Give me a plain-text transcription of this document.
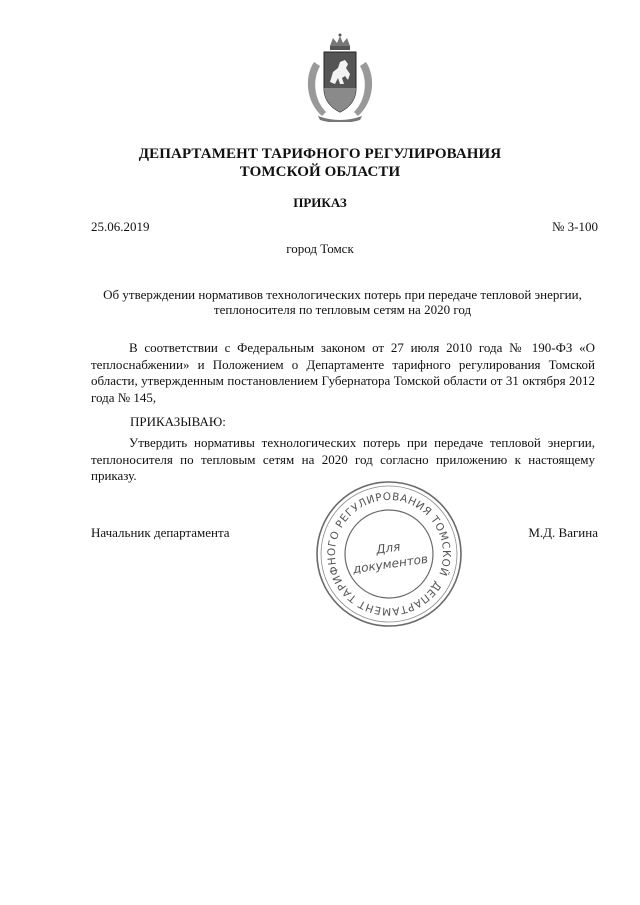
ДЕПАРТАМЕНТ ТАРИФНОГО РЕГУЛИРОВАНИЯ
ТОМСКОЙ ОБЛАСТИ
ПРИКАЗ
25.06.2019	№ 3-100
город Томск
Об утверждении нормативов технологических потерь при передаче тепловой энергии, теплоносителя по тепловым сетям на 2020 год
В соответствии с Федеральным законом от 27 июля 2010 года № 190-ФЗ «О теплоснабжении» и Положением о Департаменте тарифного регулирования Томской области, утвержденным постановлением Губернатора Томской области от 31 октября 2012 года № 145,
ПРИКАЗЫВАЮ:
Утвердить нормативы технологических потерь при передаче тепловой энергии, теплоносителя по тепловым сетям на 2020 год согласно приложению к настоящему приказу.
Начальник департамента	М.Д. Вагина
ДЕПАРТАМЕНТ ТАРИФНОГО РЕГУЛИРОВАНИЯ ТОМСКОЙ
Для
документов
